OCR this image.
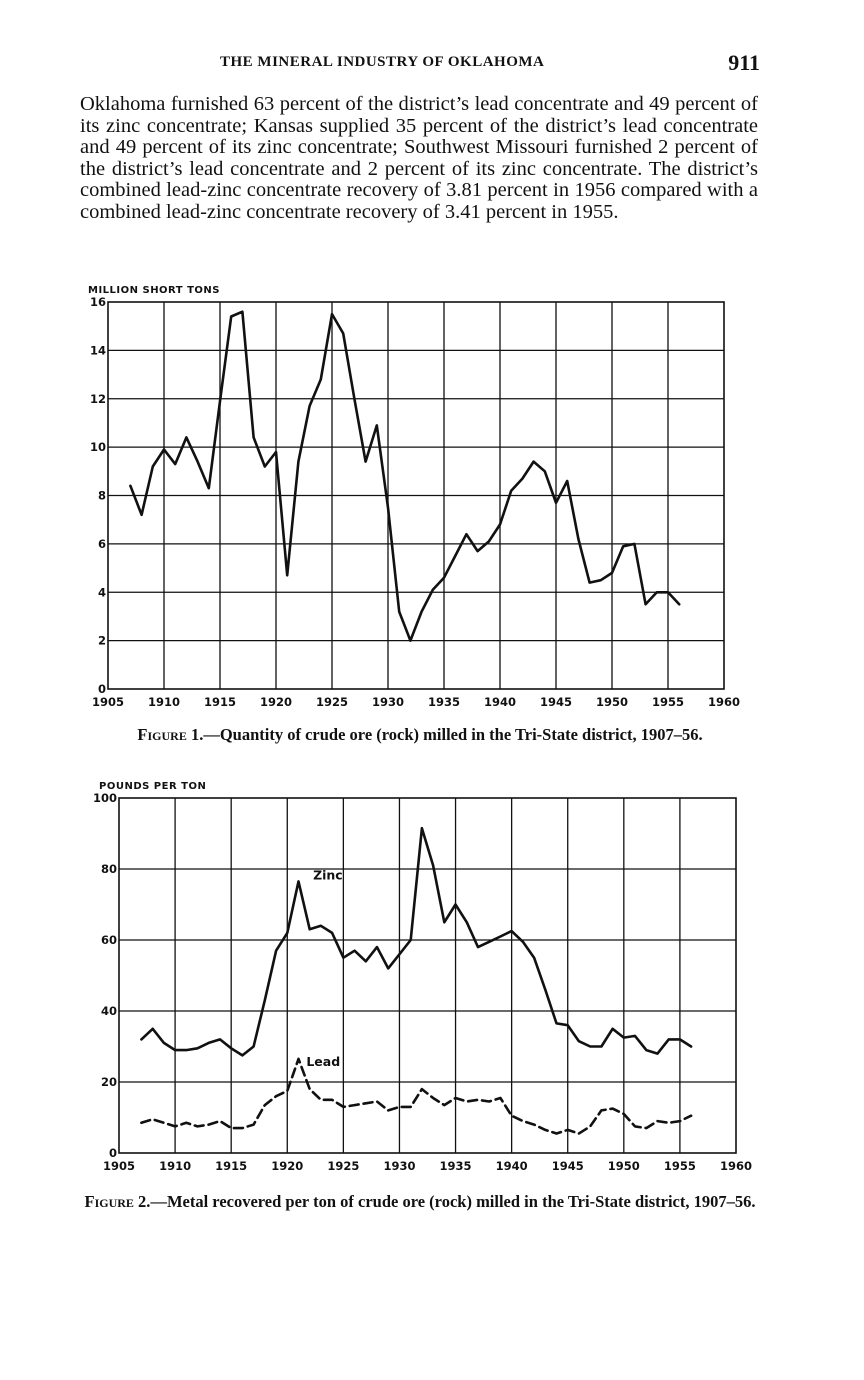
THE MINERAL INDUSTRY OF OKLAHOMA	911
Oklahoma furnished 63 percent of the district’s lead concentrate and 49 percent of its zinc concentrate; Kansas supplied 35 percent of the district’s lead concentrate and 49 percent of its zinc concentrate; Southwest Missouri furnished 2 percent of the district’s lead concentrate and 2 percent of its zinc concentrate. The district’s combined lead-zinc concentrate recovery of 3.81 percent in 1956 compared with a combined lead-zinc concentrate recovery of 3.41 percent in 1955.
1905 1910 1915 1920 1925 1930 1935 1940 1945 1950 1955 1960
0
2
4
6
8
10
12
14
16
MILLION SHORT TONS
Figure 1.—Quantity of crude ore (rock) milled in the Tri-State district, 1907–56.
1905 1910 1915 1920 1925 1930 1935 1940 1945 1950 1955 1960
0
20
40
60
80
100
POUNDS PER TON
Zinc
Lead
Figure 2.—Metal recovered per ton of crude ore (rock) milled in the Tri-State district, 1907–56.
